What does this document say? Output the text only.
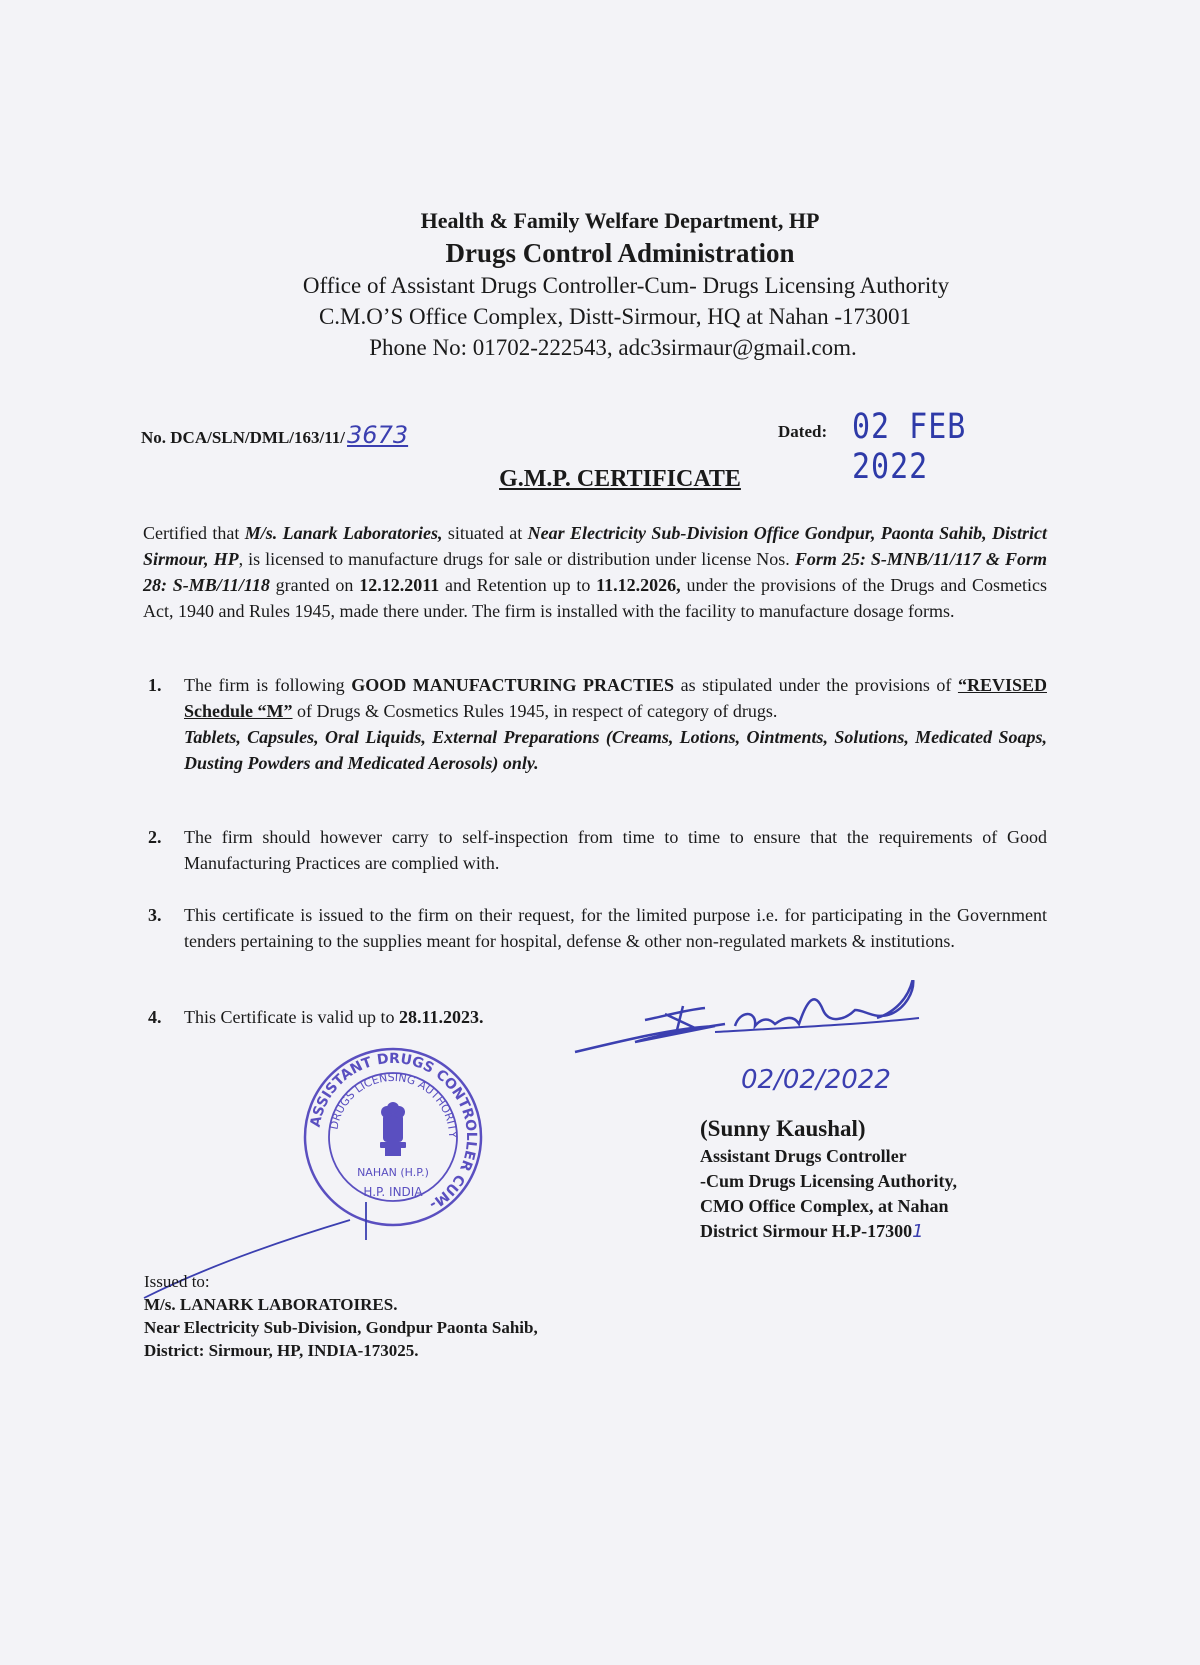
Health & Family Welfare Department, HP
Drugs Control Administration
Office of Assistant Drugs Controller-Cum- Drugs Licensing Authority
C.M.O’S Office Complex, Distt-Sirmour, HQ at Nahan -173001
Phone No: 01702-222543, adc3sirmaur@gmail.com.
No. DCA/SLN/DML/163/11/3673	Dated: 02 FEB 2022
G.M.P. CERTIFICATE
Certified that M/s. Lanark Laboratories, situated at Near Electricity Sub-Division Office Gondpur, Paonta Sahib, District Sirmour, HP, is licensed to manufacture drugs for sale or distribution under license Nos. Form 25: S-MNB/11/117 & Form 28: S-MB/11/118 granted on 12.12.2011 and Retention up to 11.12.2026, under the provisions of the Drugs and Cosmetics Act, 1940 and Rules 1945, made there under. The firm is installed with the facility to manufacture dosage forms.
1. The firm is following GOOD MANUFACTURING PRACTIES as stipulated under the provisions of “REVISED Schedule “M” of Drugs & Cosmetics Rules 1945, in respect of category of drugs.
Tablets, Capsules, Oral Liquids, External Preparations (Creams, Lotions, Ointments, Solutions, Medicated Soaps, Dusting Powders and Medicated Aerosols) only.
2. The firm should however carry to self-inspection from time to time to ensure that the requirements of Good Manufacturing Practices are complied with.
3. This certificate is issued to the firm on their request, for the limited purpose i.e. for participating in the Government tenders pertaining to the supplies meant for hospital, defense & other non-regulated markets & institutions.
4. This Certificate is valid up to 28.11.2023.
ASSISTANT DRUGS CONTROLLER CUM-
DRUGS LICENSING AUTHORITY
NAHAN (H.P.)
H.P. INDIA
02/02/2022
(Sunny Kaushal)
Assistant Drugs Controller
-Cum Drugs Licensing Authority,
CMO Office Complex, at Nahan
District Sirmour H.P-173001
Issued to:
M/s. LANARK LABORATOIRES.
Near Electricity Sub-Division, Gondpur Paonta Sahib,
District: Sirmour, HP, INDIA-173025.
